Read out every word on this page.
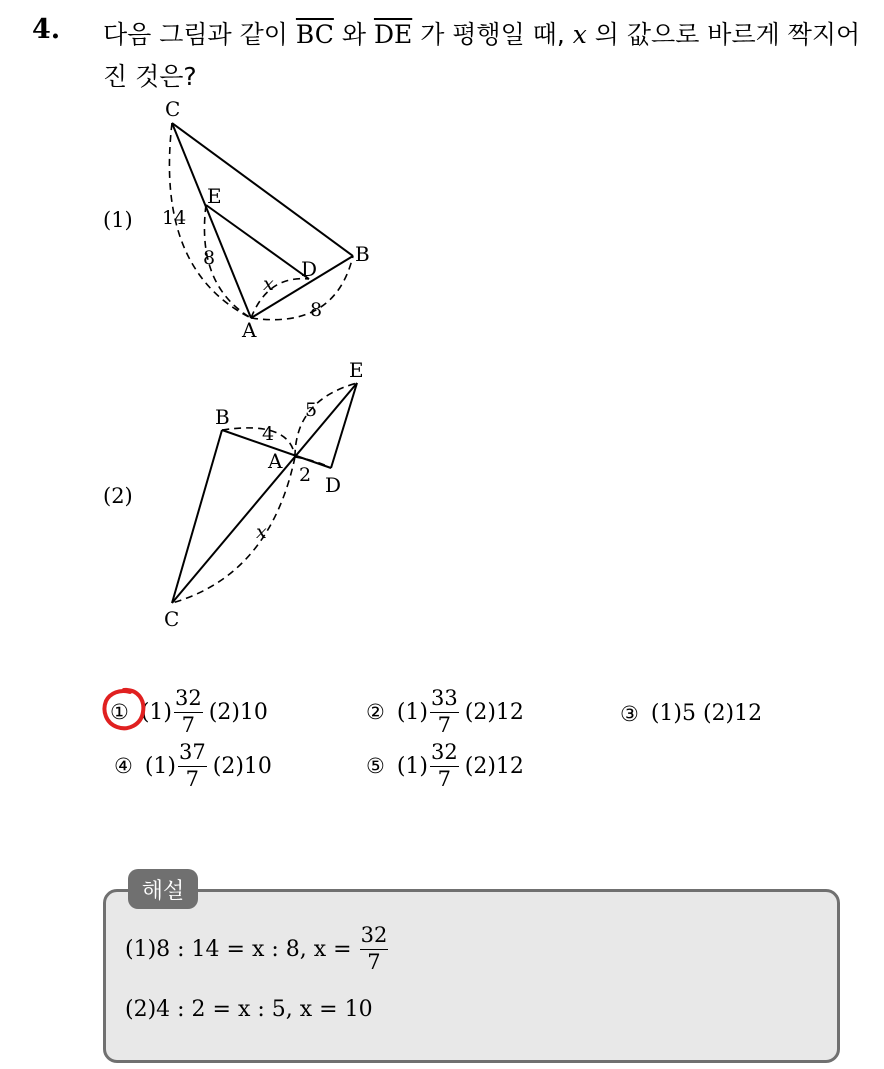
4. 다음 그림과 같이 $\overline{BC}$ 와 $\overline{DE}$ 가 평행일 때, x 의 값으로 바르게 짝지어진 것은?
C
E
D
B
A
(1) 14
8
x
8
B
E
A
D
C
(2)
4
5
2
x
① $(1) \frac{32}{7} (2)10$	② $(1) \frac{33}{7} (2)12$	③ (1)5 (2)12
④ $(1) \frac{37}{7} (2)10$	⑤ $(1) \frac{32}{7} (2)12$
해설
(1)8 : 14 = x : 8, $x = \frac{32}{7}$
(2)4 : 2 = x : 5, x = 10
